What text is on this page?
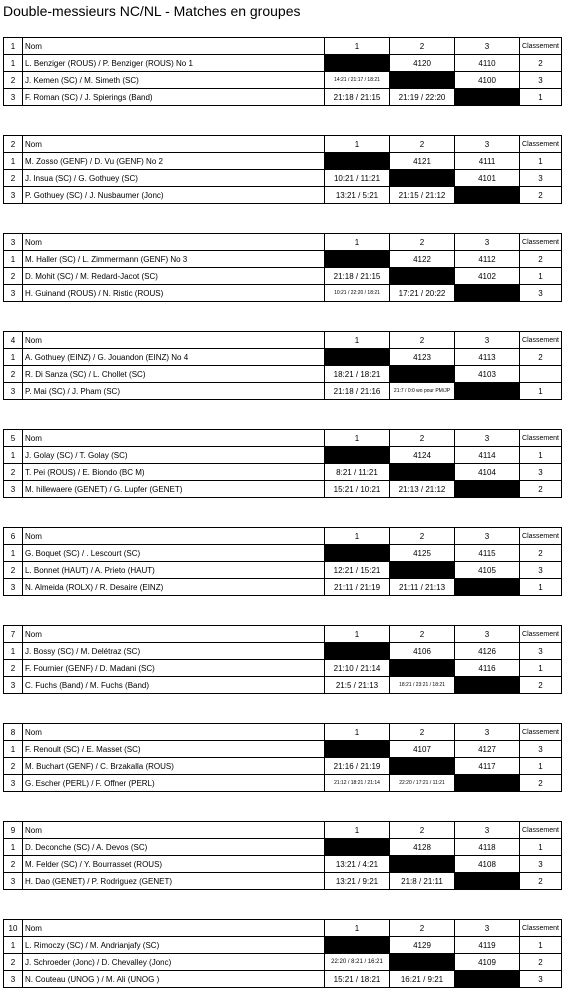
Double-messieurs NC/NL - Matches en groupes
1	Nom	1	2	3	Classement
1	L. Benziger (ROUS) / P. Benziger (ROUS) No 1		4120	4110	2
2	J. Kemen (SC) / M. Simeth (SC)	14:21 / 21:17 / 18:21		4100	3
3	F. Roman (SC) / J. Spierings (Band)	21:18 / 21:15	21:19 / 22:20		1
2	Nom	1	2	3	Classement
1	M. Zosso (GENF) / D. Vu (GENF) No 2		4121	4111	1
2	J. Insua (SC) / G. Gothuey (SC)	10:21 / 11:21		4101	3
3	P. Gothuey (SC) / J. Nusbaumer (Jonc)	13:21 / 5:21	21:15 / 21:12		2
3	Nom	1	2	3	Classement
1	M. Haller (SC) / L. Zimmermann (GENF) No 3		4122	4112	2
2	D. Mohit (SC) / M. Redard-Jacot (SC)	21:18 / 21:15		4102	1
3	H. Guinand (ROUS) / N. Ristic (ROUS)	10:21 / 22:20 / 18:21	17:21 / 20:22		3
4	Nom	1	2	3	Classement
1	A. Gothuey (EINZ) / G. Jouandon (EINZ) No 4		4123	4113	2
2	R. Di Sanza (SC) / L. Chollet (SC)	18:21 / 18:21		4103	
3	P. Mai (SC) / J. Pham (SC)	21:18 / 21:16	21:7 / 0:0 wo pour PM/JP		1
5	Nom	1	2	3	Classement
1	J. Golay (SC) / T. Golay (SC)		4124	4114	1
2	T. Pei (ROUS) / E. Biondo (BC M)	8:21 / 11:21		4104	3
3	M. hillewaere (GENET) / G. Lupfer (GENET)	15:21 / 10:21	21:13 / 21:12		2
6	Nom	1	2	3	Classement
1	G. Boquet (SC) / . Lescourt (SC)		4125	4115	2
2	L. Bonnet (HAUT) / A. Prieto (HAUT)	12:21 / 15:21		4105	3
3	N. Almeida (ROLX) / R. Desaire (EINZ)	21:11 / 21:19	21:11 / 21:13		1
7	Nom	1	2	3	Classement
1	J. Bossy (SC) / M. Delétraz (SC)		4106	4126	3
2	F. Fournier (GENF) / D. Madani (SC)	21:10 / 21:14		4116	1
3	C. Fuchs (Band) / M. Fuchs (Band)	21:5 / 21:13	18:21 / 23:21 / 18:21		2
8	Nom	1	2	3	Classement
1	F. Renoult (SC) / E. Masset (SC)		4107	4127	3
2	M. Buchart (GENF) / C. Brzakalla (ROUS)	21:16 / 21:19		4117	1
3	G. Escher (PERL) / F. Offner (PERL)	21:12 / 18:21 / 21:14	22:20 / 17:21 / 11:21		2
9	Nom	1	2	3	Classement
1	D. Deconche (SC) / A. Devos (SC)		4128	4118	1
2	M. Felder (SC) / Y. Bourrasset (ROUS)	13:21 / 4:21		4108	3
3	H. Dao (GENET) / P. Rodriguez (GENET)	13:21 / 9:21	21:8 / 21:11		2
10	Nom	1	2	3	Classement
1	L. Rimoczy (SC) / M. Andrianjafy (SC)		4129	4119	1
2	J. Schroeder (Jonc) / D. Chevalley (Jonc)	22:20 / 8:21 / 16:21		4109	2
3	N. Couteau (UNOG ) / M. Ali (UNOG )	15:21 / 18:21	16:21 / 9:21		3
